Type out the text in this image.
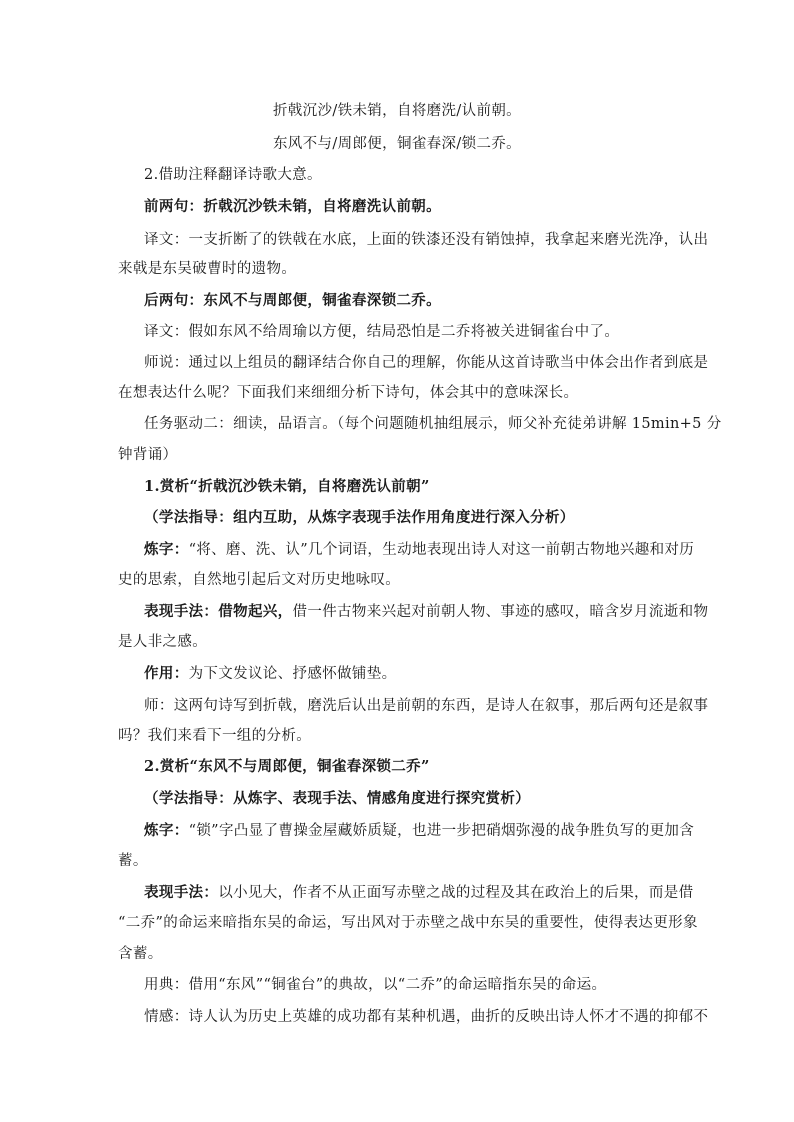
折戟沉沙/铁未销，自将磨洗/认前朝。
东风不与/周郎便，铜雀春深/锁二乔。
2.借助注释翻译诗歌大意。
前两句：折戟沉沙铁未销，自将磨洗认前朝。
译文：一支折断了的铁戟在水底，上面的铁漆还没有销蚀掉，我拿起来磨光洗净，认出
来戟是东吴破曹时的遗物。
后两句：东风不与周郎便，铜雀春深锁二乔。
译文：假如东风不给周瑜以方便，结局恐怕是二乔将被关进铜雀台中了。
师说：通过以上组员的翻译结合你自己的理解，你能从这首诗歌当中体会出作者到底是
在想表达什么呢？下面我们来细细分析下诗句，体会其中的意味深长。
任务驱动二：细读，品语言。（每个问题随机抽组展示，师父补充徒弟讲解 15min+5 分
钟背诵）
1.赏析“折戟沉沙铁未销，自将磨洗认前朝”
（学法指导：组内互助，从炼字表现手法作用角度进行深入分析）
炼字：“将、磨、洗、认”几个词语，生动地表现出诗人对这一前朝古物地兴趣和对历
史的思索，自然地引起后文对历史地咏叹。
表现手法：借物起兴，借一件古物来兴起对前朝人物、事迹的感叹，暗含岁月流逝和物
是人非之感。
作用：为下文发议论、抒感怀做铺垫。
师：这两句诗写到折戟，磨洗后认出是前朝的东西，是诗人在叙事，那后两句还是叙事
吗？我们来看下一组的分析。
2.赏析“东风不与周郎便，铜雀春深锁二乔”
（学法指导：从炼字、表现手法、情感角度进行探究赏析）
炼字：“锁”字凸显了曹操金屋藏娇质疑，也进一步把硝烟弥漫的战争胜负写的更加含
蓄。
表现手法：以小见大，作者不从正面写赤壁之战的过程及其在政治上的后果，而是借
“二乔”的命运来暗指东吴的命运，写出风对于赤壁之战中东吴的重要性，使得表达更形象
含蓄。
用典：借用“东风”“铜雀台”的典故，以“二乔”的命运暗指东吴的命运。
情感：诗人认为历史上英雄的成功都有某种机遇，曲折的反映出诗人怀才不遇的抑郁不
